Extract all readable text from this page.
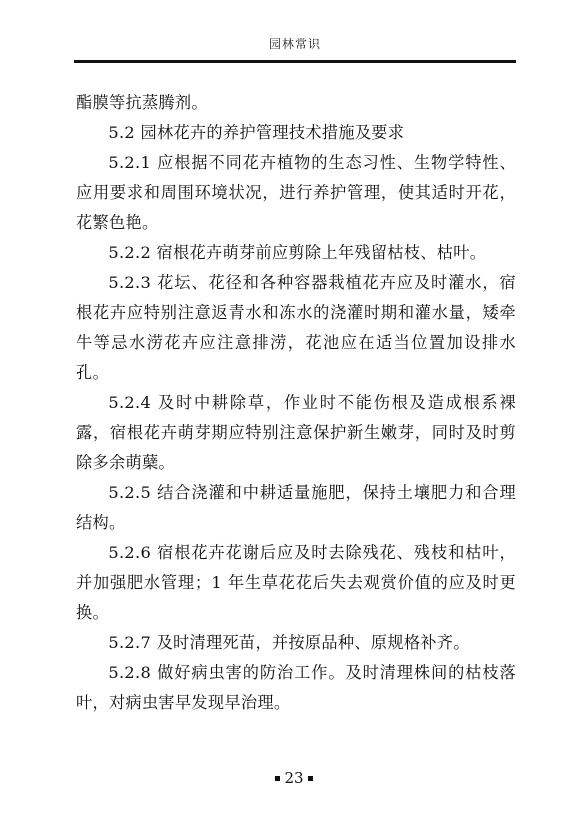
园林常识

酯膜等抗蒸腾剂。

5.2 园林花卉的养护管理技术措施及要求

5.2.1 应根据不同花卉植物的生态习性、生物学特性、应用要求和周围环境状况，进行养护管理，使其适时开花，花繁色艳。

5.2.2 宿根花卉萌芽前应剪除上年残留枯枝、枯叶。

5.2.3 花坛、花径和各种容器栽植花卉应及时灌水，宿根花卉应特别注意返青水和冻水的浇灌时期和灌水量，矮牵牛等忌水涝花卉应注意排涝，花池应在适当位置加设排水孔。

5.2.4 及时中耕除草，作业时不能伤根及造成根系裸露，宿根花卉萌芽期应特别注意保护新生嫩芽，同时及时剪除多余萌蘖。

5.2.5 结合浇灌和中耕适量施肥，保持土壤肥力和合理结构。

5.2.6 宿根花卉花谢后应及时去除残花、残枝和枯叶，并加强肥水管理；1 年生草花花后失去观赏价值的应及时更换。

5.2.7 及时清理死苗，并按原品种、原规格补齐。

5.2.8 做好病虫害的防治工作。及时清理株间的枯枝落叶，对病虫害早发现早治理。

23
